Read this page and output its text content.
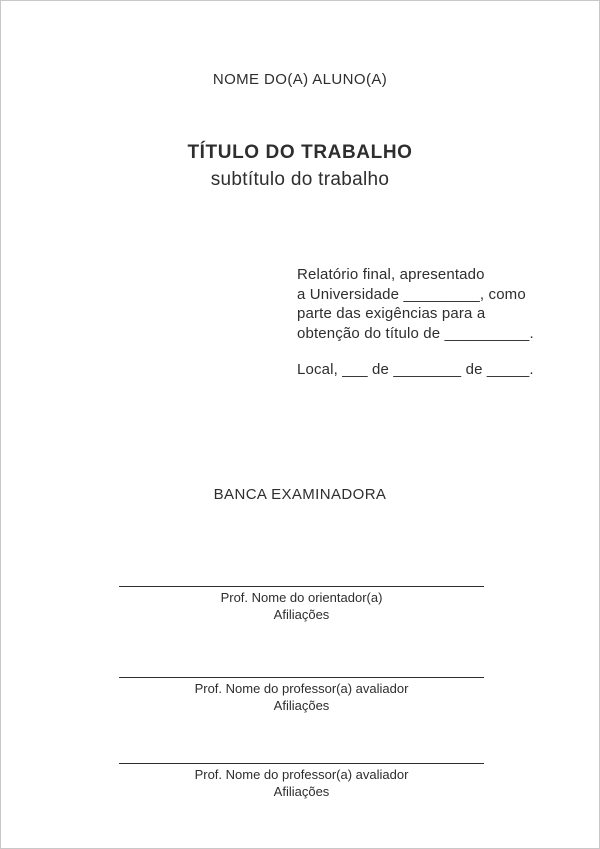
NOME DO(A) ALUNO(A)
TÍTULO DO TRABALHO
subtítulo do trabalho
Relatório final, apresentado
a Universidade _________, como
parte das exigências para a
obtenção do título de __________.
Local, ___ de ________ de _____.
BANCA EXAMINADORA
Prof. Nome do orientador(a)
Afiliações
Prof. Nome do professor(a) avaliador
Afiliações
Prof. Nome do professor(a) avaliador
Afiliações
